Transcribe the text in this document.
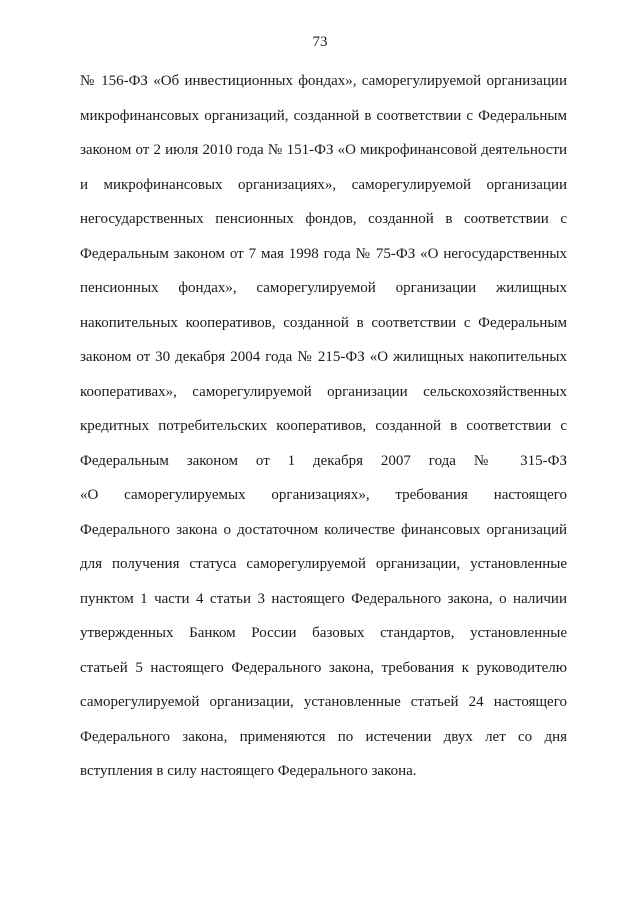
73
№ 156-ФЗ «Об инвестиционных фондах», саморегулируемой организации
микрофинансовых организаций, созданной в соответствии с Федеральным
законом от 2 июля 2010 года № 151-ФЗ «О микрофинансовой деятельности
и микрофинансовых организациях», саморегулируемой организации
негосударственных пенсионных фондов, созданной в соответствии с
Федеральным законом от 7 мая 1998 года № 75-ФЗ «О негосударственных
пенсионных фондах», саморегулируемой организации жилищных
накопительных кооперативов, созданной в соответствии с Федеральным
законом от 30 декабря 2004 года № 215-ФЗ «О жилищных накопительных
кооперативах», саморегулируемой организации сельскохозяйственных
кредитных потребительских кооперативов, созданной в соответствии с
Федеральным законом от 1 декабря 2007 года № 315-ФЗ
«О саморегулируемых организациях», требования настоящего
Федерального закона о достаточном количестве финансовых организаций
для получения статуса саморегулируемой организации, установленные
пунктом 1 части 4 статьи 3 настоящего Федерального закона, о наличии
утвержденных Банком России базовых стандартов, установленные
статьей 5 настоящего Федерального закона, требования к руководителю
саморегулируемой организации, установленные статьей 24 настоящего
Федерального закона, применяются по истечении двух лет со дня
вступления в силу настоящего Федерального закона.
